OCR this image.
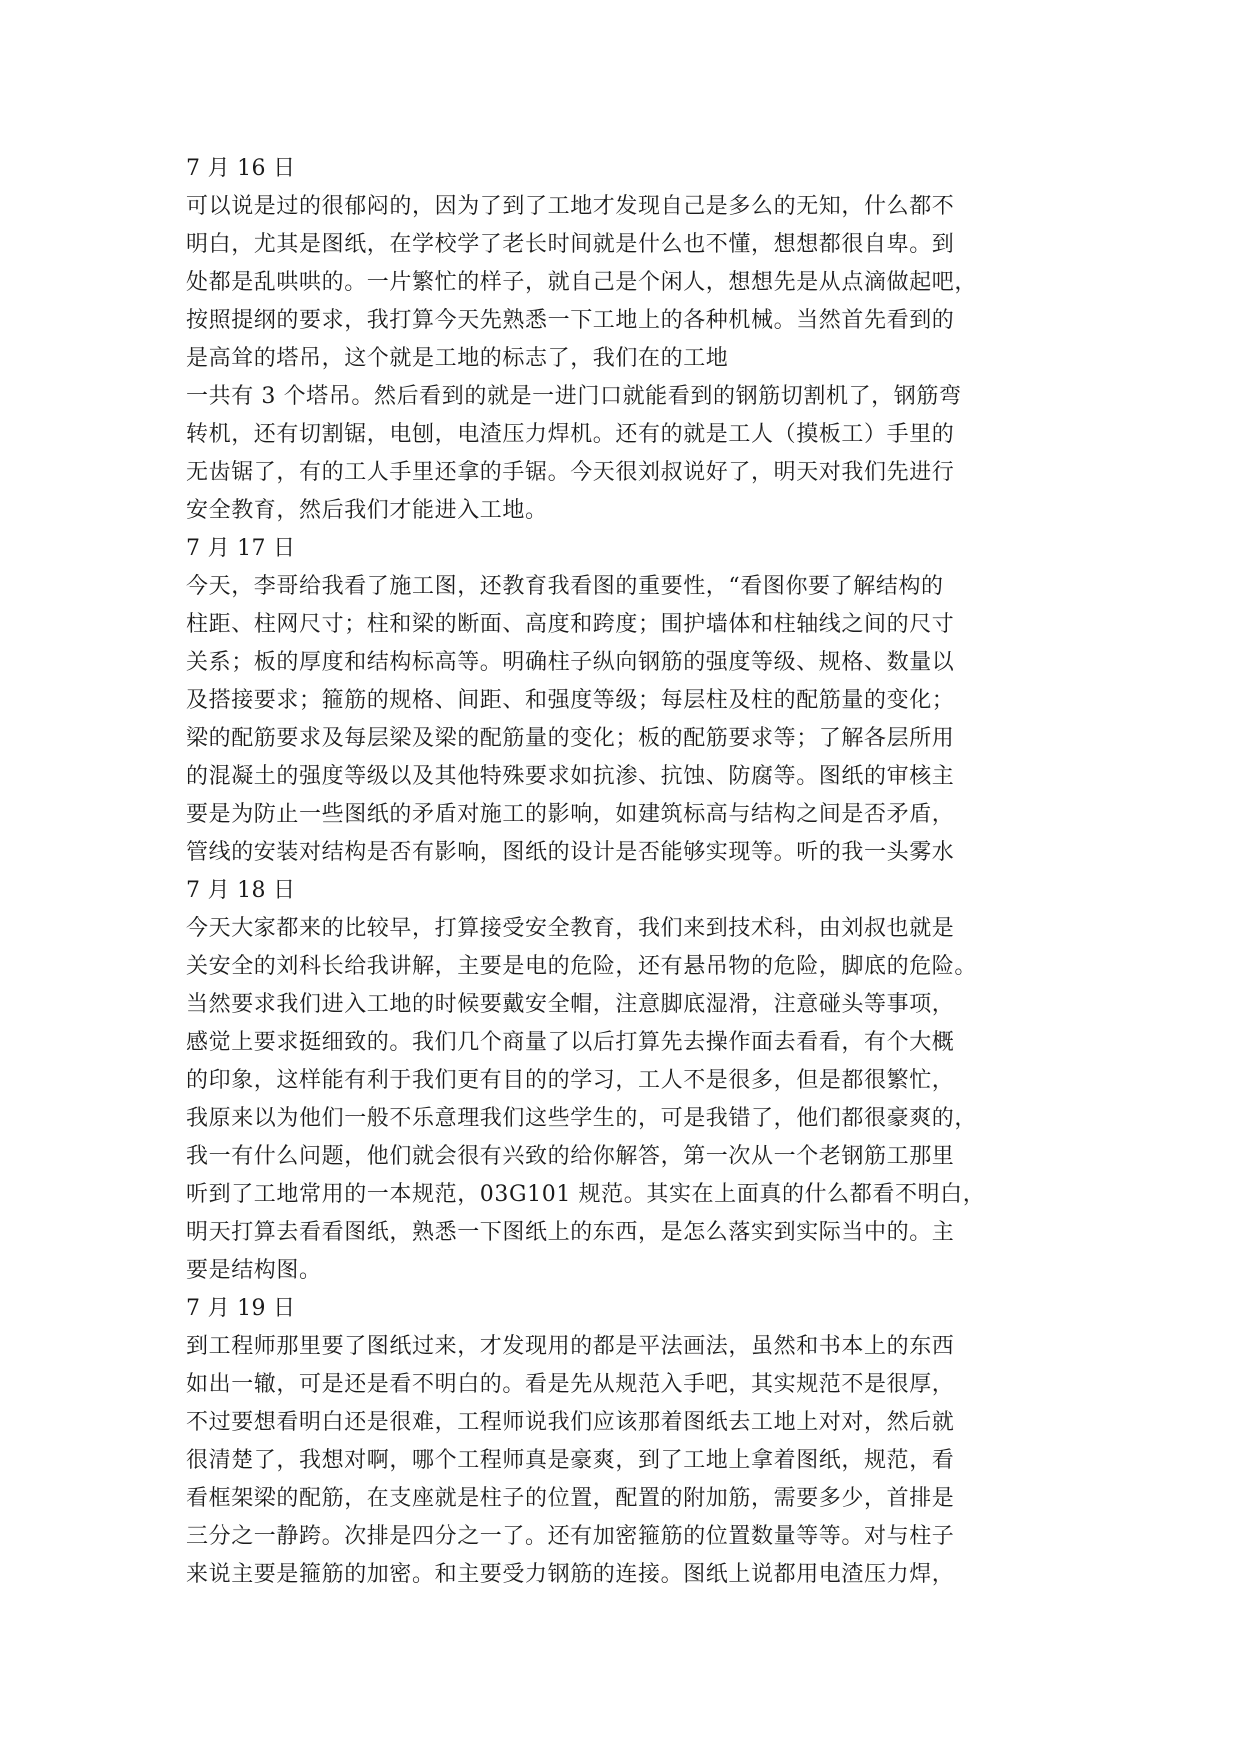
7 月 16 日
可以说是过的很郁闷的，因为了到了工地才发现自己是多么的无知，什么都不
明白，尤其是图纸，在学校学了老长时间就是什么也不懂，想想都很自卑。到
处都是乱哄哄的。一片繁忙的样子，就自己是个闲人，想想先是从点滴做起吧，
按照提纲的要求，我打算今天先熟悉一下工地上的各种机械。当然首先看到的
是高耸的塔吊，这个就是工地的标志了，我们在的工地
一共有 3 个塔吊。然后看到的就是一进门口就能看到的钢筋切割机了，钢筋弯
转机，还有切割锯，电刨，电渣压力焊机。还有的就是工人（摸板工）手里的
无齿锯了，有的工人手里还拿的手锯。今天很刘叔说好了，明天对我们先进行
安全教育，然后我们才能进入工地。
7 月 17 日
今天，李哥给我看了施工图，还教育我看图的重要性，“看图你要了解结构的
柱距、柱网尺寸；柱和梁的断面、高度和跨度；围护墙体和柱轴线之间的尺寸
关系；板的厚度和结构标高等。明确柱子纵向钢筋的强度等级、规格、数量以
及搭接要求；箍筋的规格、间距、和强度等级；每层柱及柱的配筋量的变化；
梁的配筋要求及每层梁及梁的配筋量的变化；板的配筋要求等；了解各层所用
的混凝土的强度等级以及其他特殊要求如抗渗、抗蚀、防腐等。图纸的审核主
要是为防止一些图纸的矛盾对施工的影响，如建筑标高与结构之间是否矛盾，
管线的安装对结构是否有影响，图纸的设计是否能够实现等。听的我一头雾水
7 月 18 日
今天大家都来的比较早，打算接受安全教育，我们来到技术科，由刘叔也就是
关安全的刘科长给我讲解，主要是电的危险，还有悬吊物的危险，脚底的危险。
当然要求我们进入工地的时候要戴安全帽，注意脚底湿滑，注意碰头等事项，
感觉上要求挺细致的。我们几个商量了以后打算先去操作面去看看，有个大概
的印象，这样能有利于我们更有目的的学习，工人不是很多，但是都很繁忙，
我原来以为他们一般不乐意理我们这些学生的，可是我错了，他们都很豪爽的，
我一有什么问题，他们就会很有兴致的给你解答，第一次从一个老钢筋工那里
听到了工地常用的一本规范，03G101 规范。其实在上面真的什么都看不明白，
明天打算去看看图纸，熟悉一下图纸上的东西，是怎么落实到实际当中的。主
要是结构图。
7 月 19 日
到工程师那里要了图纸过来，才发现用的都是平法画法，虽然和书本上的东西
如出一辙，可是还是看不明白的。看是先从规范入手吧，其实规范不是很厚，
不过要想看明白还是很难，工程师说我们应该那着图纸去工地上对对，然后就
很清楚了，我想对啊，哪个工程师真是豪爽，到了工地上拿着图纸，规范，看
看框架梁的配筋，在支座就是柱子的位置，配置的附加筋，需要多少，首排是
三分之一静跨。次排是四分之一了。还有加密箍筋的位置数量等等。对与柱子
来说主要是箍筋的加密。和主要受力钢筋的连接。图纸上说都用电渣压力焊，
